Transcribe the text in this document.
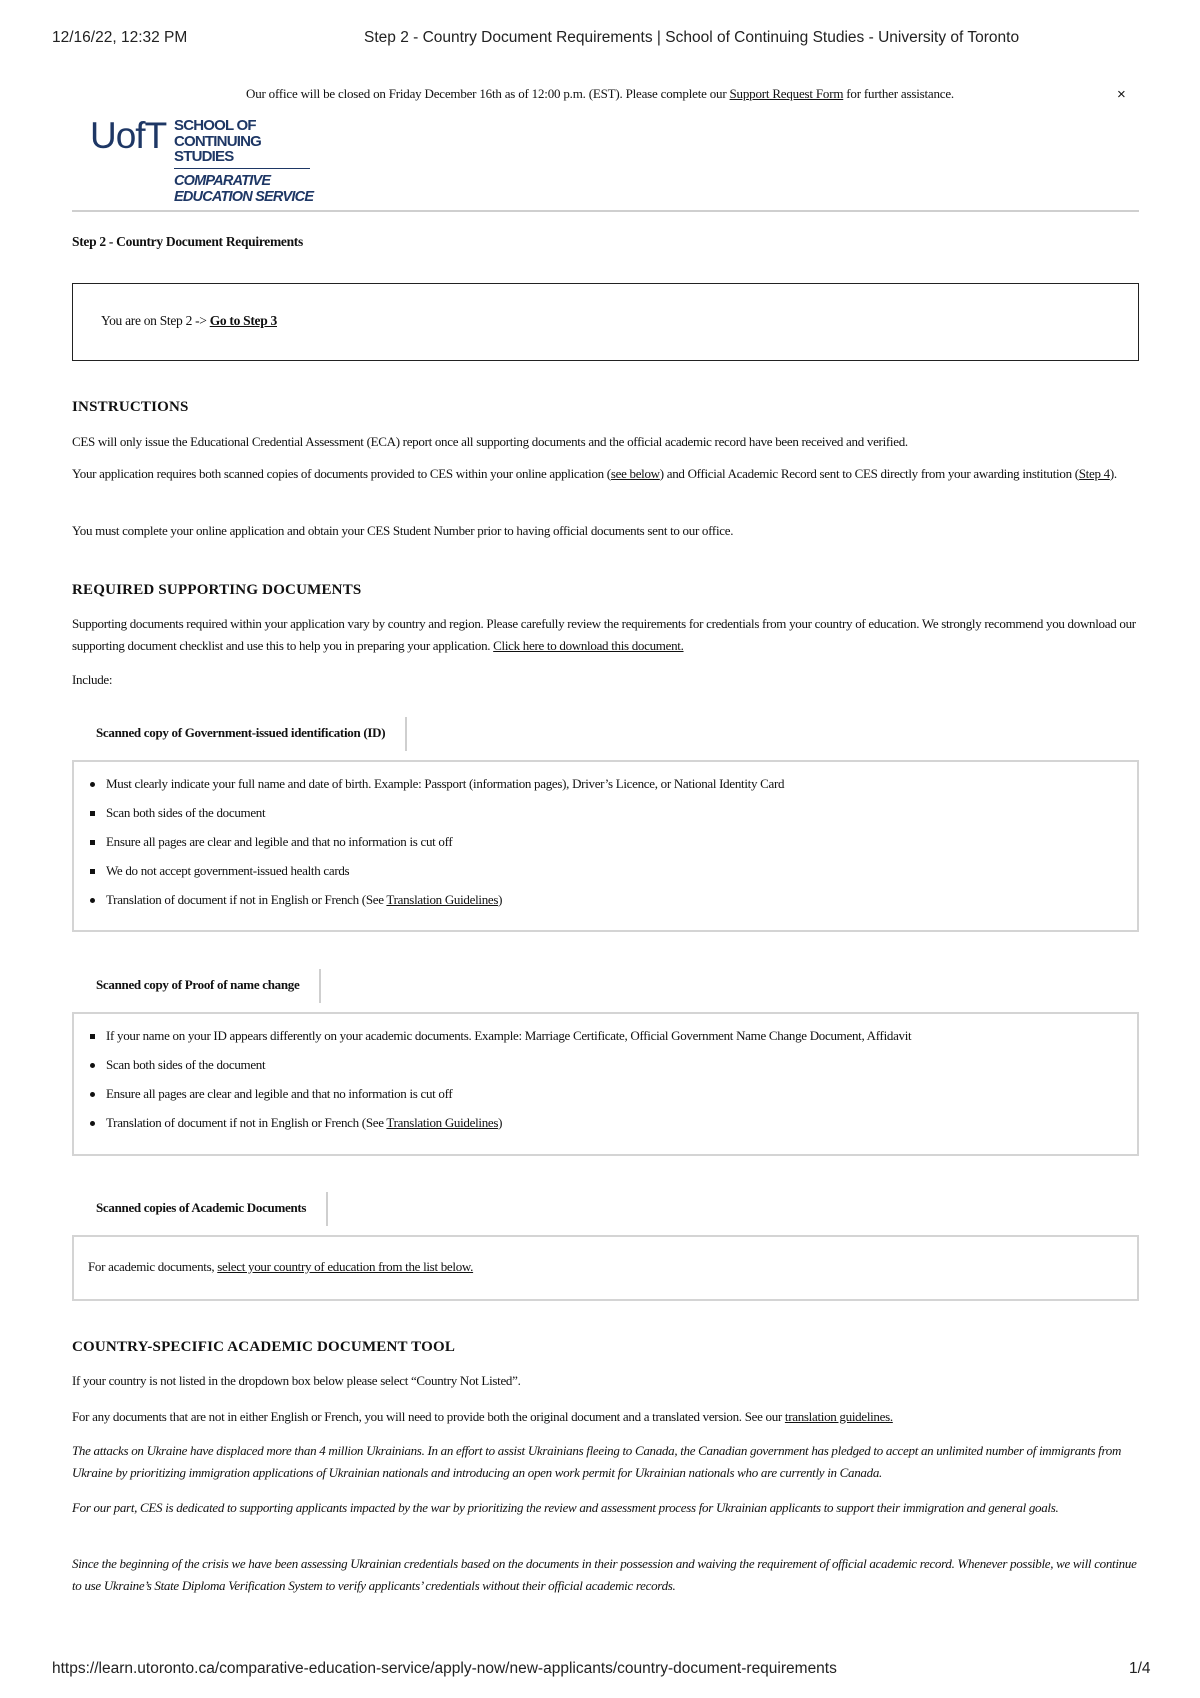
12/16/22, 12:32 PM	Step 2 - Country Document Requirements | School of Continuing Studies - University of Toronto
Our office will be closed on Friday December 16th as of 12:00 p.m. (EST). Please complete our Support Request Form for further assistance.	×
UofT SCHOOL OF
CONTINUING
STUDIES
COMPARATIVE
EDUCATION SERVICE
Step 2 - Country Document Requirements
You are on Step 2 -> Go to Step 3
INSTRUCTIONS
CES will only issue the Educational Credential Assessment (ECA) report once all supporting documents and the official academic record have been received and verified.
Your application requires both scanned copies of documents provided to CES within your online application (see below) and Official Academic Record sent to CES directly from your awarding institution (Step 4).
You must complete your online application and obtain your CES Student Number prior to having official documents sent to our office.
REQUIRED SUPPORTING DOCUMENTS
Supporting documents required within your application vary by country and region. Please carefully review the requirements for credentials from your country of education. We strongly recommend you download our supporting document checklist and use this to help you in preparing your application. Click here to download this document.
Include:
Scanned copy of Government-issued identification (ID)
Must clearly indicate your full name and date of birth. Example: Passport (information pages), Driver’s Licence, or National Identity Card
Scan both sides of the document
Ensure all pages are clear and legible and that no information is cut off
We do not accept government-issued health cards
Translation of document if not in English or French (See Translation Guidelines)
Scanned copy of Proof of name change
If your name on your ID appears differently on your academic documents. Example: Marriage Certificate, Official Government Name Change Document, Affidavit
Scan both sides of the document
Ensure all pages are clear and legible and that no information is cut off
Translation of document if not in English or French (See Translation Guidelines)
Scanned copies of Academic Documents
For academic documents, select your country of education from the list below.
COUNTRY-SPECIFIC ACADEMIC DOCUMENT TOOL
If your country is not listed in the dropdown box below please select “Country Not Listed”.
For any documents that are not in either English or French, you will need to provide both the original document and a translated version. See our translation guidelines.
The attacks on Ukraine have displaced more than 4 million Ukrainians. In an effort to assist Ukrainians fleeing to Canada, the Canadian government has pledged to accept an unlimited number of immigrants from Ukraine by prioritizing immigration applications of Ukrainian nationals and introducing an open work permit for Ukrainian nationals who are currently in Canada.
For our part, CES is dedicated to supporting applicants impacted by the war by prioritizing the review and assessment process for Ukrainian applicants to support their immigration and general goals.
Since the beginning of the crisis we have been assessing Ukrainian credentials based on the documents in their possession and waiving the requirement of official academic record. Whenever possible, we will continue to use Ukraine’s State Diploma Verification System to verify applicants’ credentials without their official academic records.
https://learn.utoronto.ca/comparative-education-service/apply-now/new-applicants/country-document-requirements	1/4
